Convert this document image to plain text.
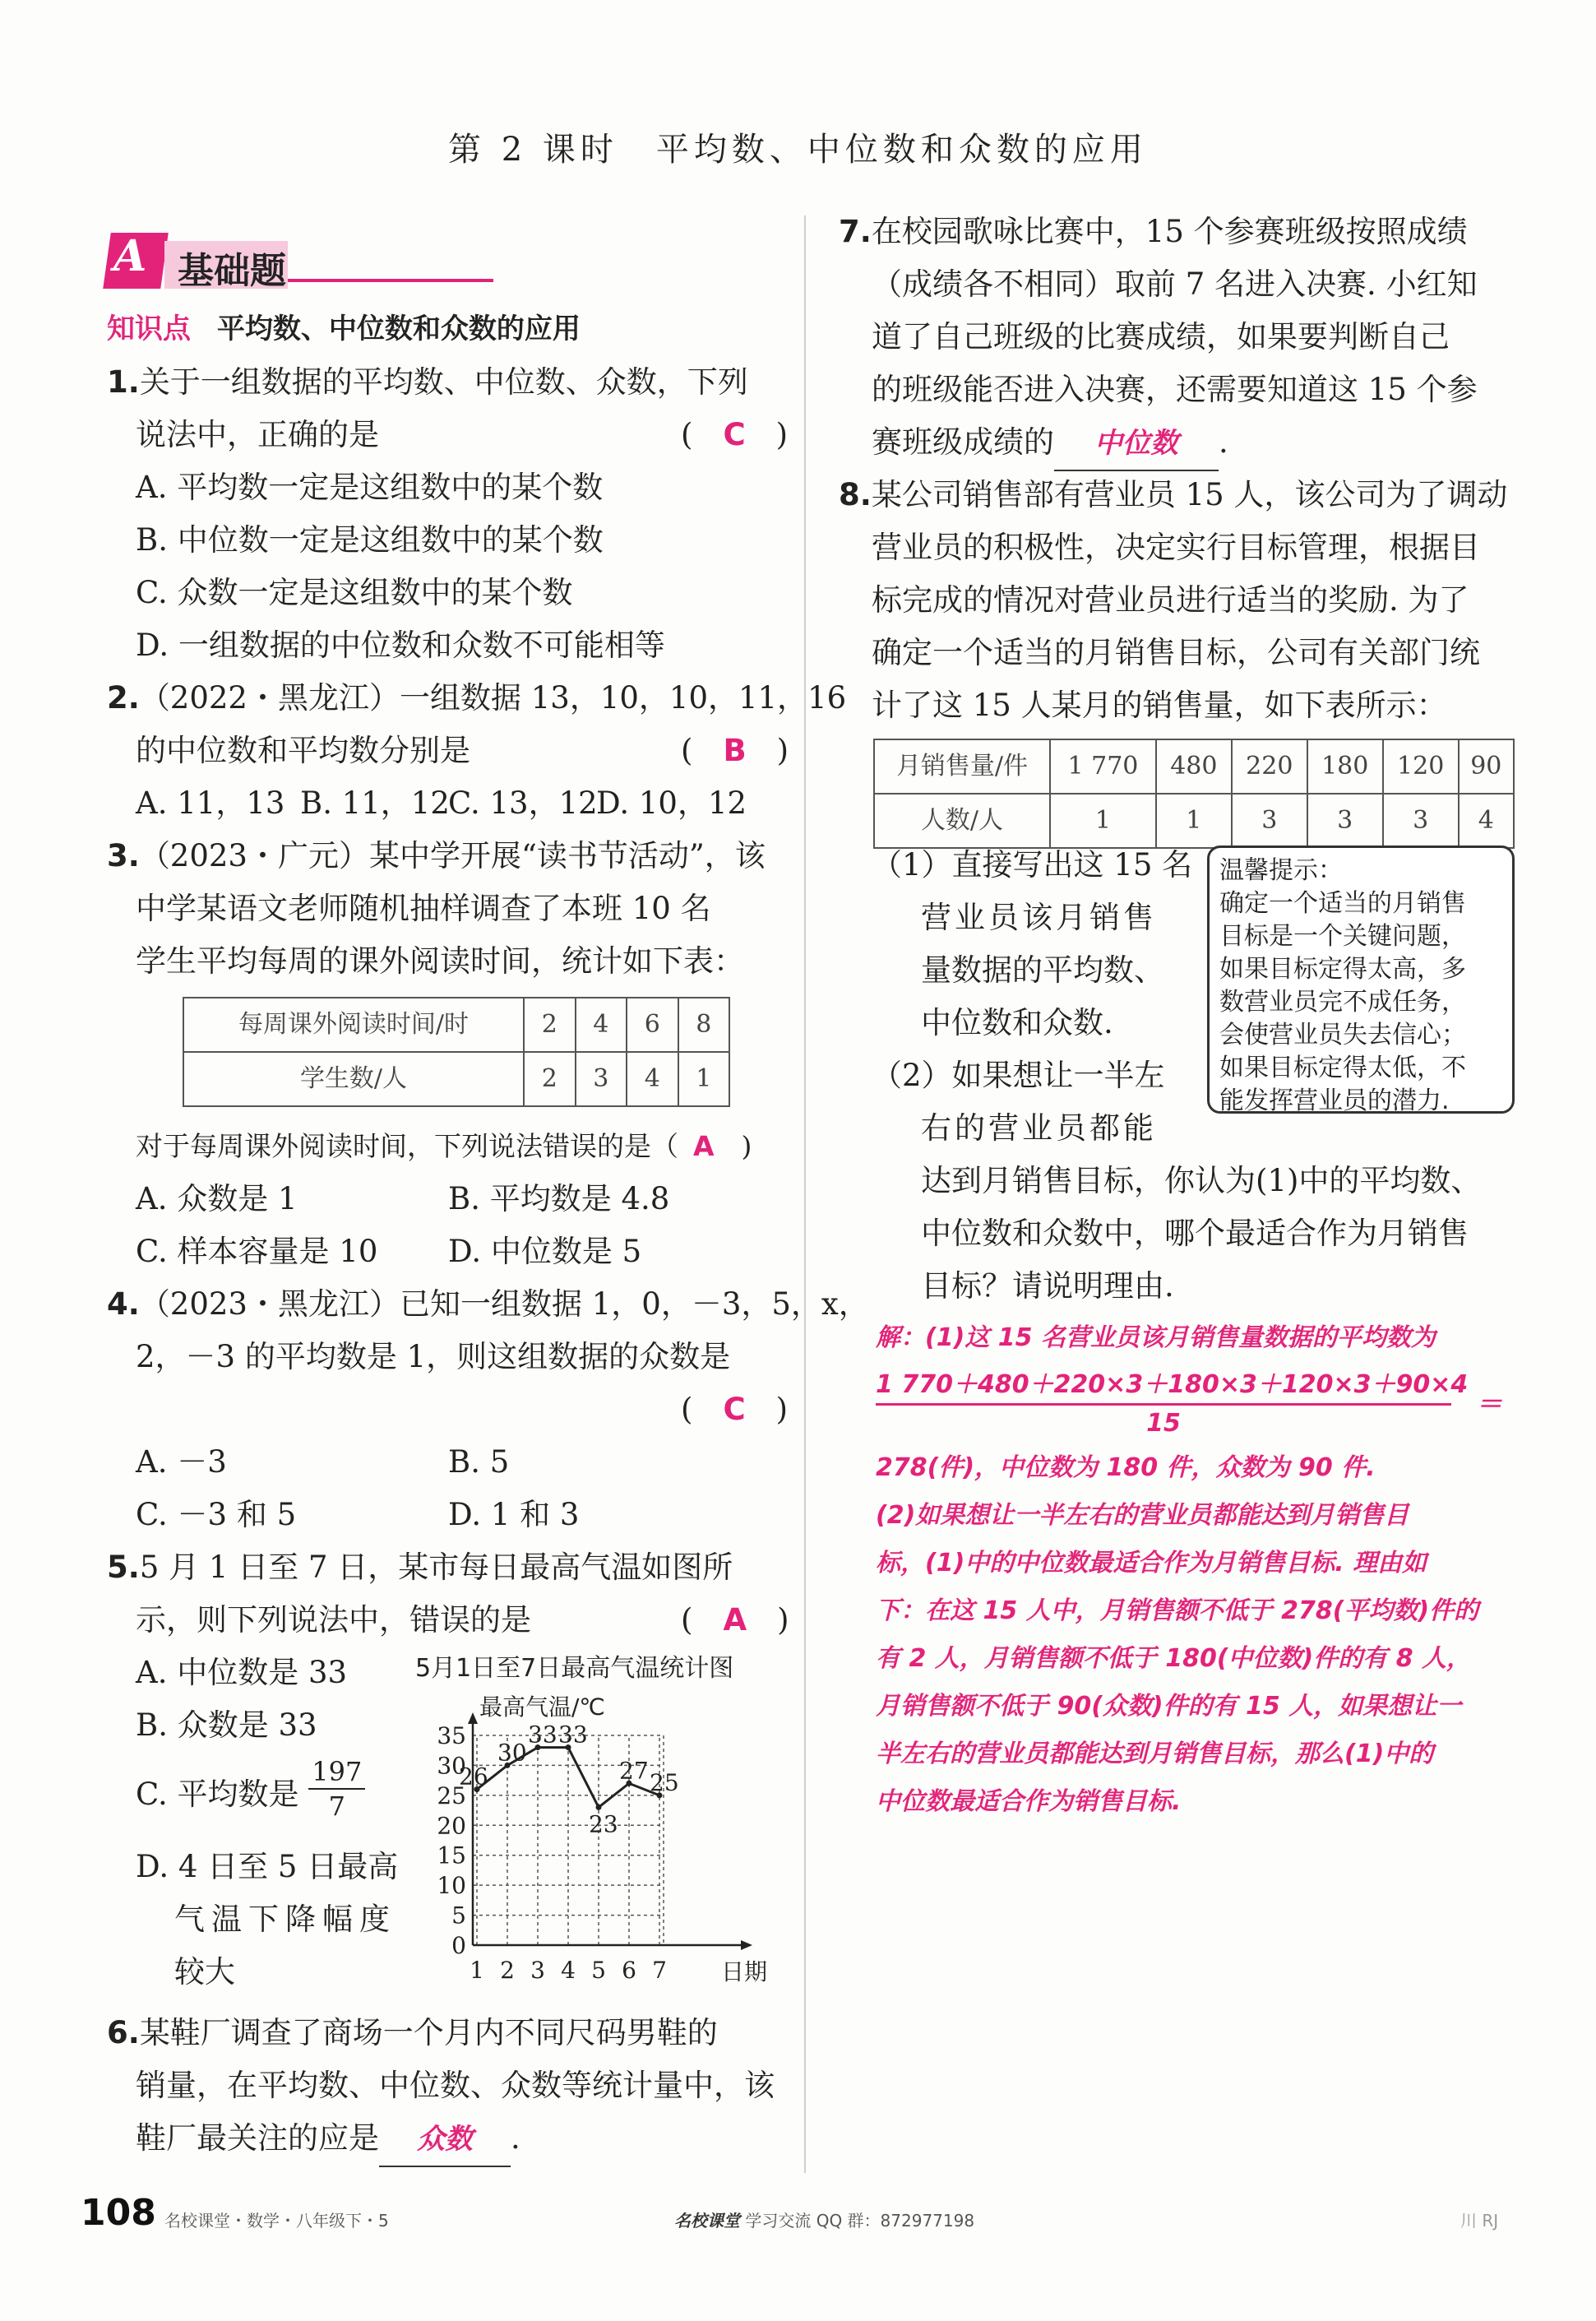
第 2 课时　平均数、中位数和众数的应用
A 基础题
知识点 平均数、中位数和众数的应用
1.关于一组数据的平均数、中位数、众数，下列
说法中，正确的是	(　C　)
A. 平均数一定是这组数中的某个数
B. 中位数一定是这组数中的某个数
C. 众数一定是这组数中的某个数
D. 一组数据的中位数和众数不可能相等
2.（2022・黑龙江）一组数据 13，10，10，11，16
的中位数和平均数分别是	(　B　)
A. 11，13 B. 11，12
C. 13，12
D. 10，12
3.（2023・广元）某中学开展“读书节活动”，该
中学某语文老师随机抽样调查了本班 10 名
学生平均每周的课外阅读时间，统计如下表：
每周课外阅读时间/时	2	4	6	8
学生数/人	2	3	4	1
对于每周课外阅读时间，下列说法错误的是（ A　)
A. 众数是 1	B. 平均数是 4.8
C. 样本容量是 10 D. 中位数是 5
4.（2023・黑龙江）已知一组数据 1，0，－3，5，x，
2，－3 的平均数是 1，则这组数据的众数是
(　C　)
A. －3	B. 5
C. －3 和 5	D. 1 和 3
5.5 月 1 日至 7 日，某市每日最高气温如图所
示，则下列说法中，错误的是	(　A　)
A. 中位数是 33
B. 众数是 33
C. 平均数是 $\frac{197}{7}$
D. 4 日至 5 日最高
气温下降幅度
较大
5月1日至7日最高气温统计图
最高气温/℃
0
5
10
15
20
25
30
35
1 2 3 4 5 6 7 日期
26
30
33 33
23
27 25
6.某鞋厂调查了商场一个月内不同尺码男鞋的
销量，在平均数、中位数、众数等统计量中，该
鞋厂最关注的应是 众数 .
7.在校园歌咏比赛中，15 个参赛班级按照成绩
（成绩各不相同）取前 7 名进入决赛. 小红知
道了自己班级的比赛成绩，如果要判断自己
的班级能否进入决赛，还需要知道这 15 个参
赛班级成绩的 中位数 .
8.某公司销售部有营业员 15 人，该公司为了调动
营业员的积极性，决定实行目标管理，根据目
标完成的情况对营业员进行适当的奖励. 为了
确定一个适当的月销售目标，公司有关部门统
计了这 15 人某月的销售量，如下表所示：
月销售量/件	1 770	480	220	180	120	90
人数/人	1	1	3	3	3	4
（1）直接写出这 15 名
营业员该月销售
量数据的平均数、
中位数和众数.
（2）如果想让一半左
右的营业员都能
达到月销售目标，你认为(1)中的平均数、
中位数和众数中，哪个最适合作为月销售
目标？请说明理由.
温馨提示：
确定一个适当的月销售
目标是一个关键问题，
如果目标定得太高，多
数营业员完不成任务，
会使营业员失去信心；
如果目标定得太低，不
能发挥营业员的潜力.
解：(1)这 15 名营业员该月销售量数据的平均数为
$\frac{1 770+480+220\times 3+180\times 3+120\times 3+90\times 4}{15}$ ＝
278(件)，中位数为 180 件，众数为 90 件.
(2)如果想让一半左右的营业员都能达到月销售目
标，(1)中的中位数最适合作为月销售目标. 理由如
下：在这 15 人中，月销售额不低于 278(平均数)件的
有 2 人，月销售额不低于 180(中位数)件的有 8 人，
月销售额不低于 90(众数)件的有 15 人，如果想让一
半左右的营业员都能达到月销售目标，那么(1)中的
中位数最适合作为销售目标.
108 名校课堂・数学・八年级下・5	名校课堂 学习交流 QQ 群：872977198	川 RJ
